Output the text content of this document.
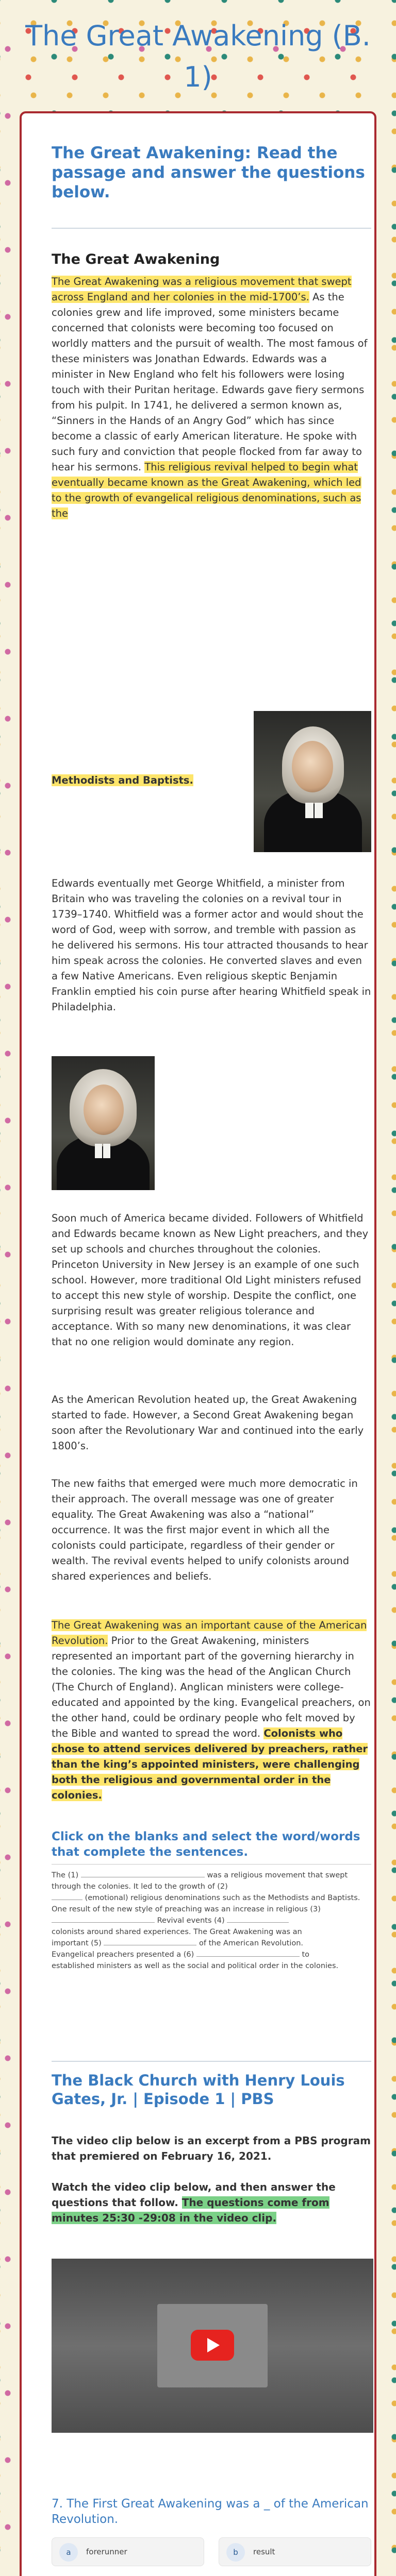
The Great Awakening (B. 1)
The Great Awakening: Read the passage and answer the questions below.
The Great Awakening
The Great Awakening was a religious movement that swept across England and her colonies in the mid-1700’s. As the colonies grew and life improved, some ministers became concerned that colonists were becoming too focused on worldly matters and the pursuit of wealth. The most famous of these ministers was Jonathan Edwards. Edwards was a minister in New England who felt his followers were losing touch with their Puritan heritage. Edwards gave fiery sermons from his pulpit. In 1741, he delivered a sermon known as, “Sinners in the Hands of an Angry God” which has since become a classic of early American literature. He spoke with such fury and conviction that people flocked from far away to hear his sermons. This religious revival helped to begin what eventually became known as the Great Awakening, which led to the growth of evangelical religious denominations, such as the
Methodists and Baptists.
Edwards eventually met George Whitfield, a minister from Britain who was traveling the colonies on a revival tour in 1739–1740. Whitfield was a former actor and would shout the word of God, weep with sorrow, and tremble with passion as he delivered his sermons. His tour attracted thousands to hear him speak across the colonies. He converted slaves and even a few Native Americans. Even religious skeptic Benjamin Franklin emptied his coin purse after hearing Whitfield speak in Philadelphia.
Soon much of America became divided. Followers of Whitfield and Edwards became known as New Light preachers, and they set up schools and churches throughout the colonies. Princeton University in New Jersey is an example of one such school. However, more traditional Old Light ministers refused to accept this new style of worship. Despite the conflict, one surprising result was greater religious tolerance and acceptance. With so many new denominations, it was clear that no one religion would dominate any region.
As the American Revolution heated up, the Great Awakening started to fade. However, a Second Great Awakening began soon after the Revolutionary War and continued into the early 1800’s.
The new faiths that emerged were much more democratic in their approach. The overall message was one of greater equality. The Great Awakening was also a “national” occurrence. It was the first major event in which all the colonists could participate, regardless of their gender or wealth. The revival events helped to unify colonists around shared experiences and beliefs.
The Great Awakening was an important cause of the American Revolution. Prior to the Great Awakening, ministers represented an important part of the governing hierarchy in the colonies. The king was the head of the Anglican Church (The Church of England). Anglican ministers were college-educated and appointed by the king. Evangelical preachers, on the other hand, could be ordinary people who felt moved by the Bible and wanted to spread the word. Colonists who chose to attend services delivered by preachers, rather than the king’s appointed ministers, were challenging both the religious and governmental order in the colonies.
Click on the blanks and select the word/words that complete the sentences.
The (1)	was a religious movement that swept
through the colonies. It led to the growth of (2)
(emotional) religious denominations such as the Methodists and Baptists.
One result of the new style of preaching was an increase in religious (3)
Revival events (4)
colonists around shared experiences. The Great Awakening was an
important (5)	of the American Revolution.
Evangelical preachers presented a (6)	to
established ministers as well as the social and political order in the colonies.
The Black Church with Henry Louis Gates, Jr. | Episode 1 | PBS
The video clip below is an excerpt from a PBS program that premiered on February 16, 2021.
Watch the video clip below, and then answer the questions that follow. The questions come from minutes 25:30 -29:08 in the video clip.
7. The First Great Awakening was a _ of the American Revolution.
a	forerunner	b	result
